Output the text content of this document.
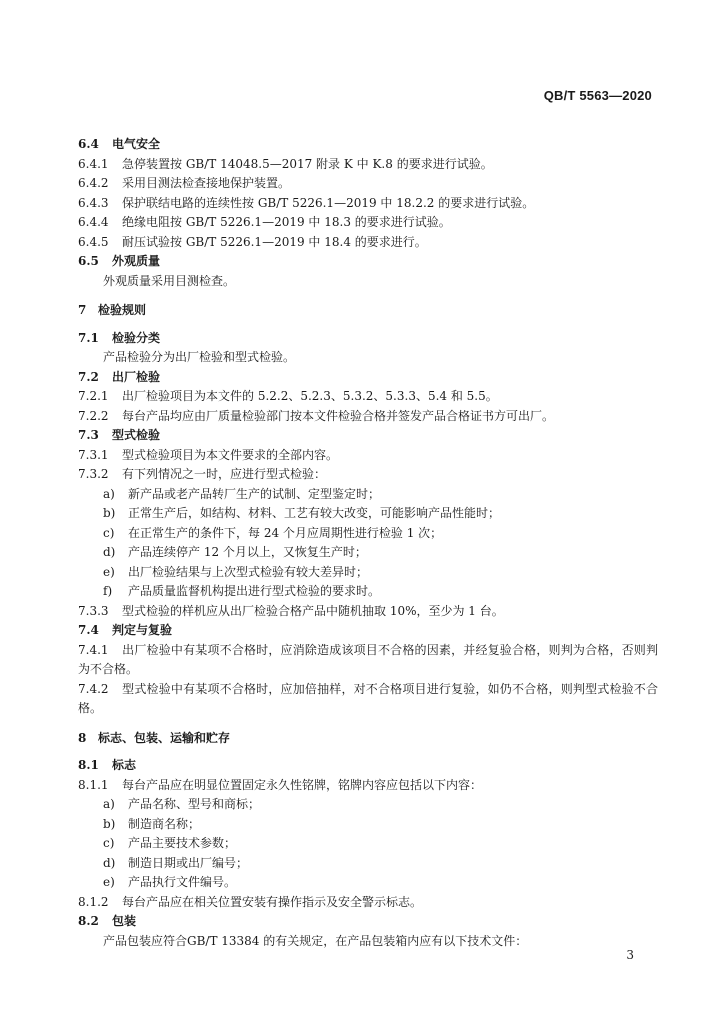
QB/T 5563—2020
6.4 电气安全
6.4.1 急停装置按 GB/T 14048.5—2017 附录 K 中 K.8 的要求进行试验。
6.4.2 采用目测法检查接地保护装置。
6.4.3 保护联结电路的连续性按 GB/T 5226.1—2019 中 18.2.2 的要求进行试验。
6.4.4 绝缘电阻按 GB/T 5226.1—2019 中 18.3 的要求进行试验。
6.4.5 耐压试验按 GB/T 5226.1—2019 中 18.4 的要求进行。
6.5 外观质量
外观质量采用目测检查。
7 检验规则
7.1 检验分类
产品检验分为出厂检验和型式检验。
7.2 出厂检验
7.2.1 出厂检验项目为本文件的 5.2.2、5.2.3、5.3.2、5.3.3、5.4 和 5.5。
7.2.2 每台产品均应由厂质量检验部门按本文件检验合格并签发产品合格证书方可出厂。
7.3 型式检验
7.3.1 型式检验项目为本文件要求的全部内容。
7.3.2 有下列情况之一时，应进行型式检验：
a) 新产品或老产品转厂生产的试制、定型鉴定时；
b) 正常生产后，如结构、材料、工艺有较大改变，可能影响产品性能时；
c) 在正常生产的条件下，每 24 个月应周期性进行检验 1 次；
d) 产品连续停产 12 个月以上，又恢复生产时；
e) 出厂检验结果与上次型式检验有较大差异时；
f) 产品质量监督机构提出进行型式检验的要求时。
7.3.3 型式检验的样机应从出厂检验合格产品中随机抽取 10%，至少为 1 台。
7.4 判定与复验
7.4.1 出厂检验中有某项不合格时，应消除造成该项目不合格的因素，并经复验合格，则判为合格，否则判为不合格。
7.4.2 型式检验中有某项不合格时，应加倍抽样，对不合格项目进行复验，如仍不合格，则判型式检验不合格。
8 标志、包装、运输和贮存
8.1 标志
8.1.1 每台产品应在明显位置固定永久性铭牌，铭牌内容应包括以下内容：
a) 产品名称、型号和商标；
b) 制造商名称；
c) 产品主要技术参数；
d) 制造日期或出厂编号；
e) 产品执行文件编号。
8.1.2 每台产品应在相关位置安装有操作指示及安全警示标志。
8.2 包装
产品包装应符合GB/T 13384 的有关规定，在产品包装箱内应有以下技术文件：
3
